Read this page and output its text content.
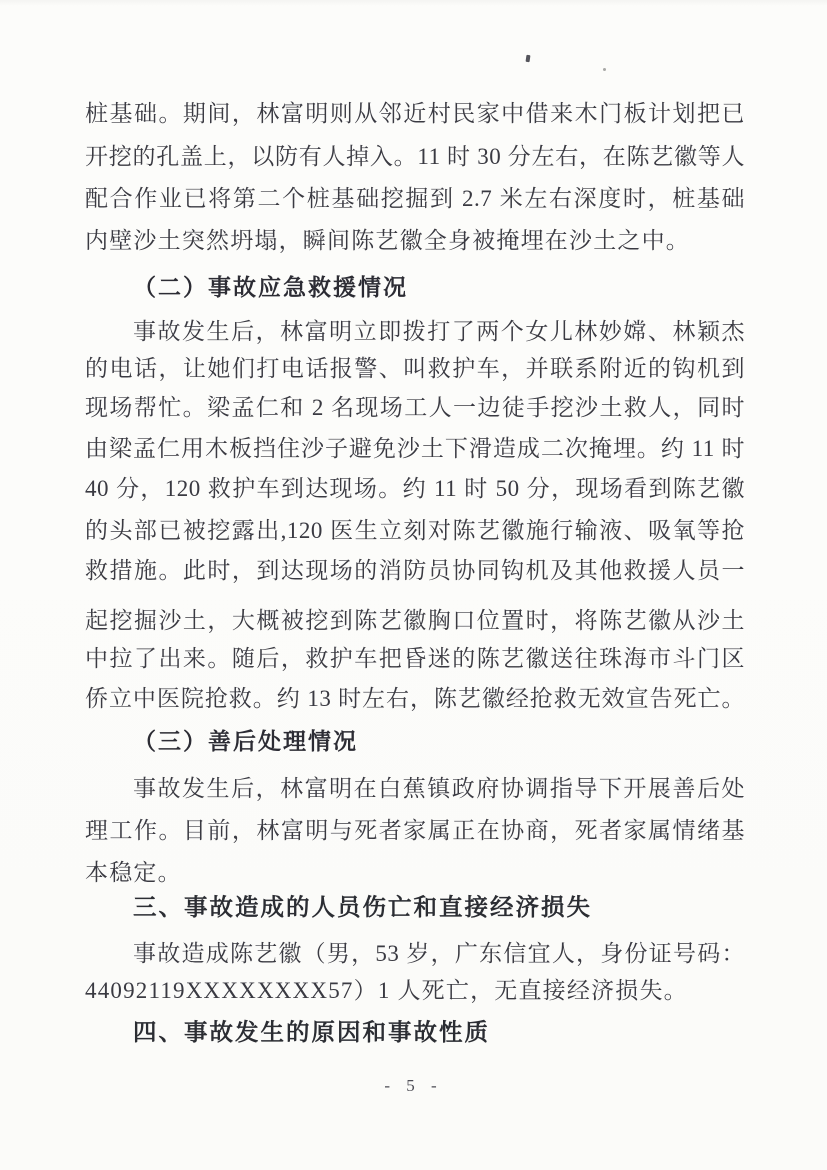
桩基础。期间，林富明则从邻近村民家中借来木门板计划把已
开挖的孔盖上，以防有人掉入。11 时 30 分左右，在陈艺徽等人
配合作业已将第二个桩基础挖掘到 2.7 米左右深度时，桩基础
内壁沙土突然坍塌，瞬间陈艺徽全身被掩埋在沙土之中。
（二）事故应急救援情况
事故发生后，林富明立即拨打了两个女儿林妙嫦、林颖杰
的电话，让她们打电话报警、叫救护车，并联系附近的钩机到
现场帮忙。梁孟仁和 2 名现场工人一边徒手挖沙土救人，同时
由梁孟仁用木板挡住沙子避免沙土下滑造成二次掩埋。约 11 时
40 分，120 救护车到达现场。约 11 时 50 分，现场看到陈艺徽
的头部已被挖露出,120 医生立刻对陈艺徽施行输液、吸氧等抢
救措施。此时，到达现场的消防员协同钩机及其他救援人员一
起挖掘沙土，大概被挖到陈艺徽胸口位置时，将陈艺徽从沙土
中拉了出来。随后，救护车把昏迷的陈艺徽送往珠海市斗门区
侨立中医院抢救。约 13 时左右，陈艺徽经抢救无效宣告死亡。
（三）善后处理情况
事故发生后，林富明在白蕉镇政府协调指导下开展善后处
理工作。目前，林富明与死者家属正在协商，死者家属情绪基
本稳定。
三、事故造成的人员伤亡和直接经济损失
事故造成陈艺徽（男，53 岁，广东信宜人，身份证号码：
44092119XXXXXXXX57）1 人死亡，无直接经济损失。
四、事故发生的原因和事故性质
- 5 -
